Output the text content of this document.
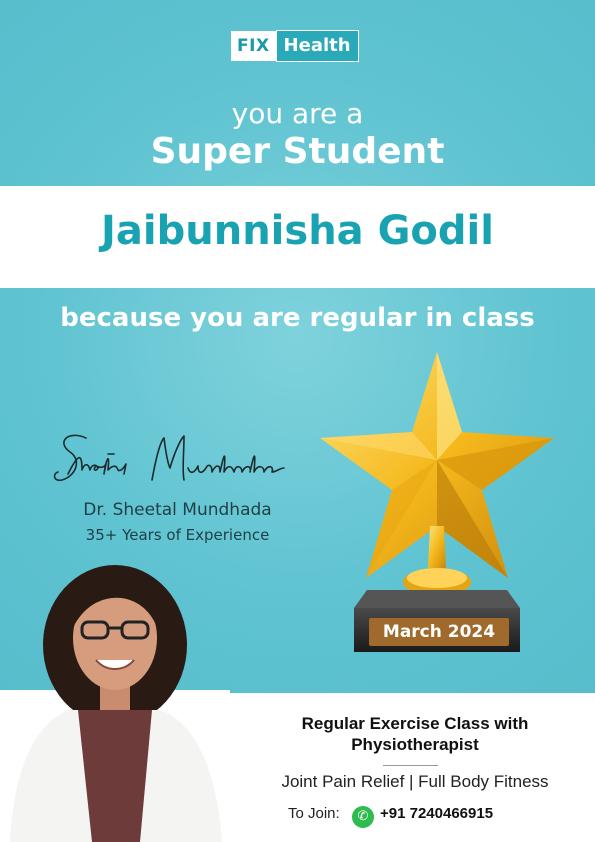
FIX Health
you are a
Super Student
Jaibunnisha Godil
because you are regular in class
Dr. Sheetal Mundhada
35+ Years of Experience
March 2024
Regular Exercise Class with Physiotherapist
Joint Pain Relief | Full Body Fitness
To Join:	✆ +91 7240466915
